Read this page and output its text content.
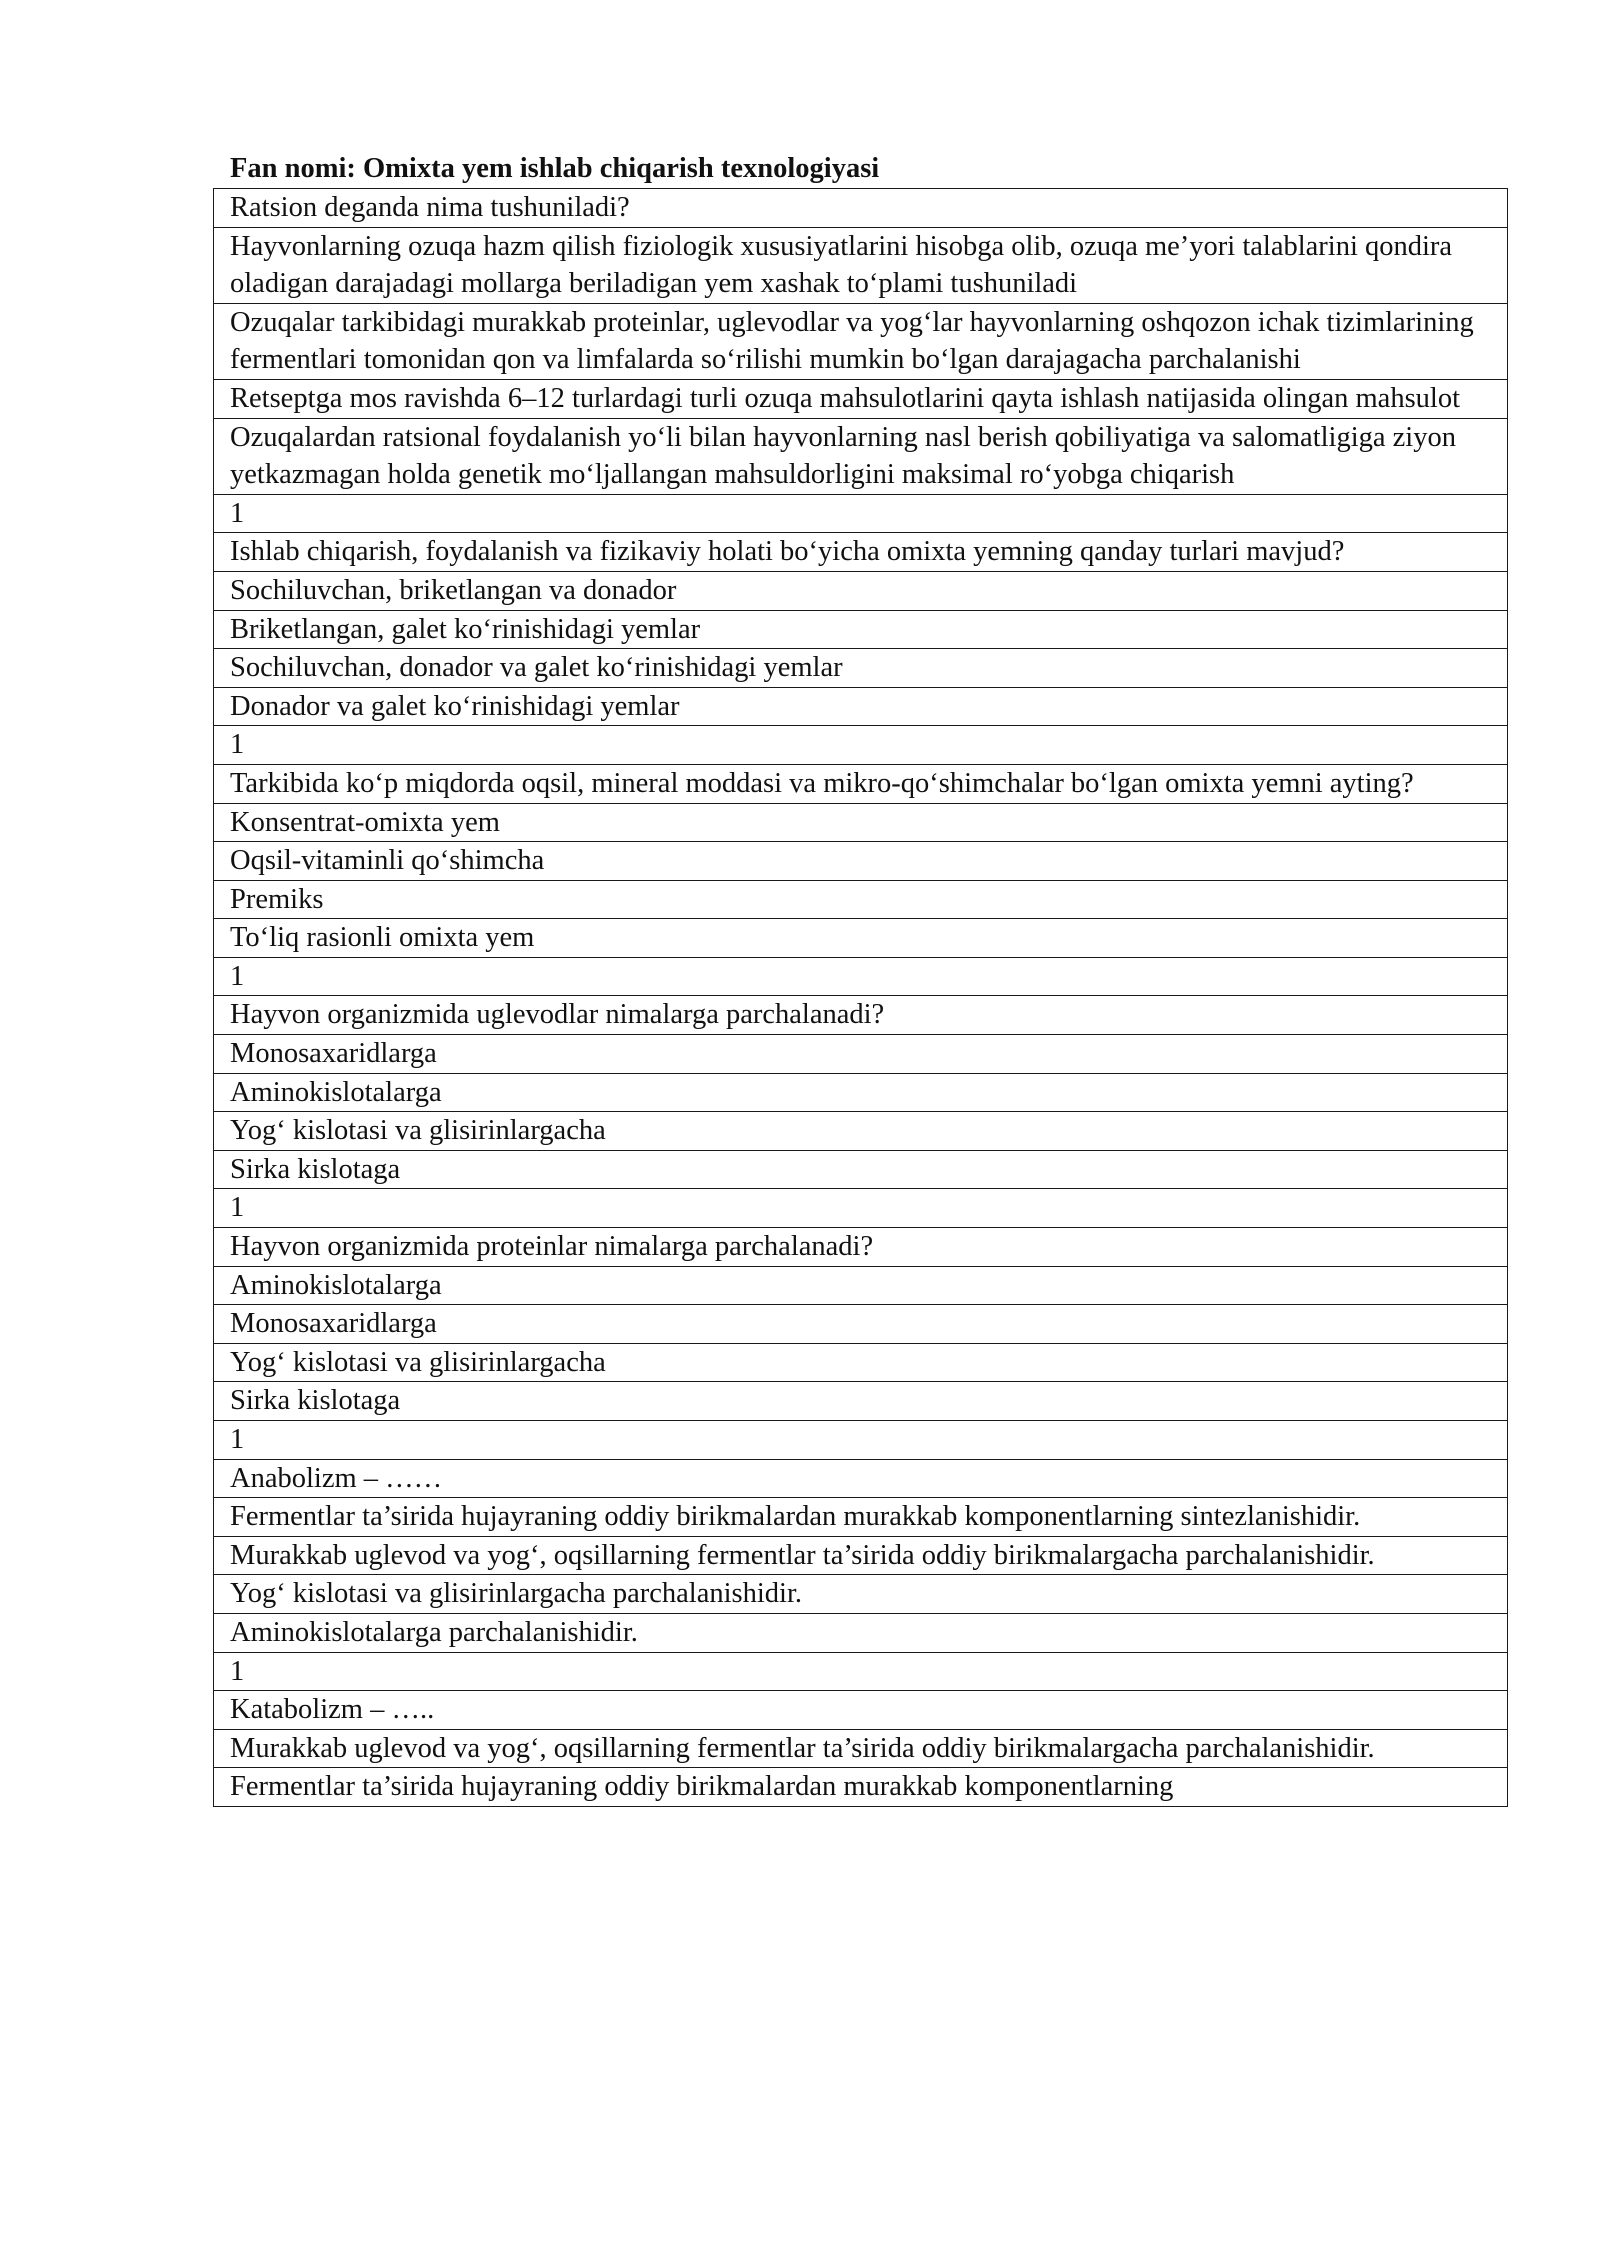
Fan nomi: Omixta yem ishlab chiqarish texnologiyasi
Ratsion deganda nima tushuniladi?
Hayvonlarning ozuqa hazm qilish fiziologik xususiyatlarini hisobga olib, ozuqa me’yori talablarini qondira oladigan darajadagi mollarga beriladigan yem xashak to‘plami tushuniladi
Ozuqalar tarkibidagi murakkab proteinlar, uglevodlar va yog‘lar hayvonlarning oshqozon ichak tizimlarining fermentlari tomonidan qon va limfalarda so‘rilishi mumkin bo‘lgan darajagacha parchalanishi
Retseptga mos ravishda 6–12 turlardagi turli ozuqa mahsulotlarini qayta ishlash natijasida olingan mahsulot
Ozuqalardan ratsional foydalanish yo‘li bilan hayvonlarning nasl berish qobiliyatiga va salomatligiga ziyon yetkazmagan holda genetik mo‘ljallangan mahsuldorligini maksimal ro‘yobga chiqarish
1
Ishlab chiqarish, foydalanish va fizikaviy holati bo‘yicha omixta yemning qanday turlari mavjud?
Sochiluvchan, briketlangan va donador
Briketlangan, galet ko‘rinishidagi yemlar
Sochiluvchan, donador va galet ko‘rinishidagi yemlar
Donador va galet ko‘rinishidagi yemlar
1
Tarkibida ko‘p miqdorda oqsil, mineral moddasi va mikro-qo‘shimchalar bo‘lgan omixta yemni ayting?
Konsentrat-omixta yem
Oqsil-vitaminli qo‘shimcha
Premiks
To‘liq rasionli omixta yem
1
Hayvon organizmida uglevodlar nimalarga parchalanadi?
Monosaxaridlarga
Aminokislotalarga
Yog‘ kislotasi va glisirinlargacha
Sirka kislotaga
1
Hayvon organizmida proteinlar nimalarga parchalanadi?
Aminokislotalarga
Monosaxaridlarga
Yog‘ kislotasi va glisirinlargacha
Sirka kislotaga
1
Anabolizm – ……
Fermentlar ta’sirida hujayraning oddiy birikmalardan murakkab komponentlarning sintezlanishidir.
Murakkab uglevod va yog‘, oqsillarning fermentlar ta’sirida oddiy birikmalargacha parchalanishidir.
Yog‘ kislotasi va glisirinlargacha parchalanishidir.
Aminokislotalarga parchalanishidir.
1
Katabolizm – …..
Murakkab uglevod va yog‘, oqsillarning fermentlar ta’sirida oddiy birikmalargacha parchalanishidir.
Fermentlar ta’sirida hujayraning oddiy birikmalardan murakkab komponentlarning
